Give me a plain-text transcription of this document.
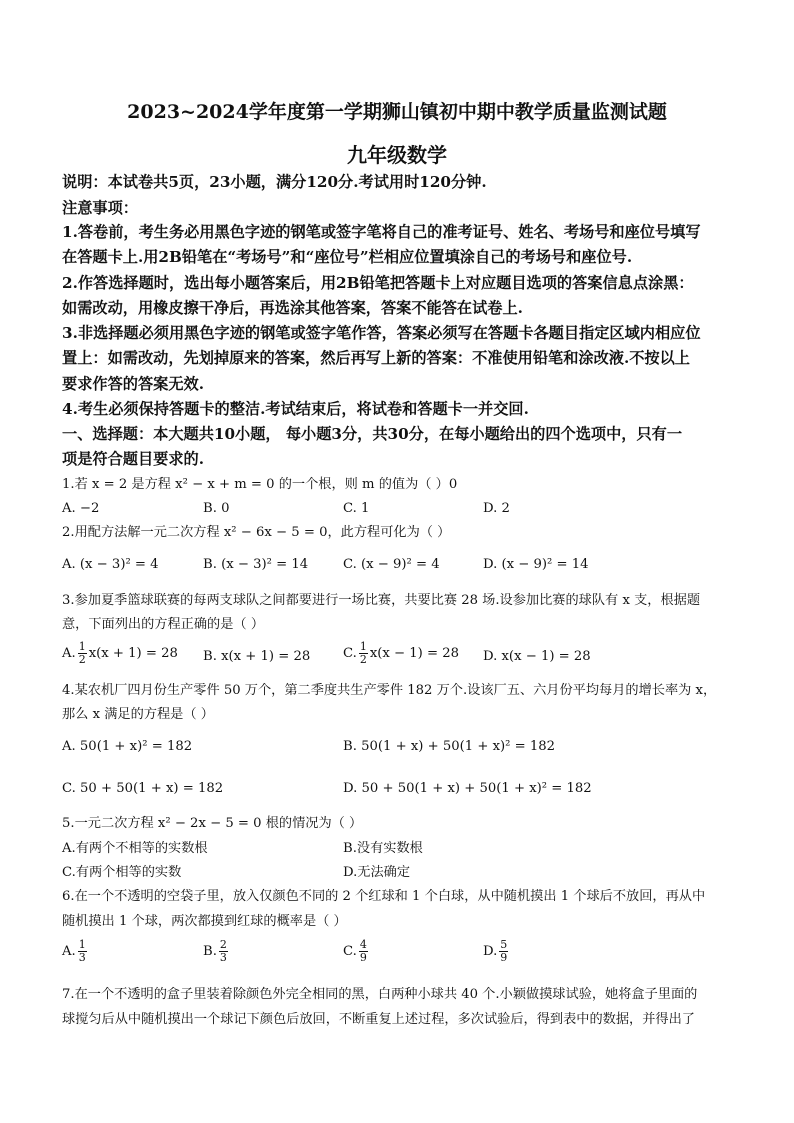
2023~2024学年度第一学期狮山镇初中期中教学质量监测试题
九年级数学
说明：本试卷共5页，23小题，满分120分.考试用时120分钟.
注意事项：
1.答卷前，考生务必用黑色字迹的钢笔或签字笔将自己的准考证号、姓名、考场号和座位号填写
在答题卡上.用2B铅笔在“考场号”和“座位号”栏相应位置填涂自己的考场号和座位号.
2.作答选择题时，选出每小题答案后，用2B铅笔把答题卡上对应题目选项的答案信息点涂黑：
如需改动，用橡皮擦干净后，再选涂其他答案，答案不能答在试卷上.
3.非选择题必须用黑色字迹的钢笔或签字笔作答，答案必须写在答题卡各题目指定区域内相应位
置上：如需改动，先划掉原来的答案，然后再写上新的答案：不准使用铅笔和涂改液.不按以上
要求作答的答案无效.
4.考生必须保持答题卡的整洁.考试结束后，将试卷和答题卡一并交回.
一、选择题：本大题共10小题， 每小题3分，共30分，在每小题给出的四个选项中，只有一
项是符合题目要求的.
1.若 x = 2 是方程 x² − x + m = 0 的一个根，则 m 的值为（ ）0
A. −2	B. 0	C. 1	D. 2
2.用配方法解一元二次方程 x² − 6x − 5 = 0，此方程可化为（ ）
A. (x − 3)² = 4	B. (x − 3)² = 14	C. (x − 9)² = 4	D. (x − 9)² = 14
3.参加夏季篮球联赛的每两支球队之间都要进行一场比赛，共要比赛 28 场.设参加比赛的球队有 x 支，根据题
意，下面列出的方程正确的是（ ）
A. $\frac{1}{2} x(x + 1) = 28$ B. x(x + 1) = 28 C. $\frac{1}{2} x(x - 1) = 28$ D. x(x − 1) = 28
4.某农机厂四月份生产零件 50 万个，第二季度共生产零件 182 万个.设该厂五、六月份平均每月的增长率为 x，
那么 x 满足的方程是（ ）
A. 50(1 + x)² = 182	B. 50(1 + x) + 50(1 + x)² = 182
C. 50 + 50(1 + x) = 182	D. 50 + 50(1 + x) + 50(1 + x)² = 182
5.一元二次方程 x² − 2x − 5 = 0 根的情况为（ ）
A.有两个不相等的实数根	B.没有实数根
C.有两个相等的实数	D.无法确定
6.在一个不透明的空袋子里，放入仅颜色不同的 2 个红球和 1 个白球，从中随机摸出 1 个球后不放回，再从中
随机摸出 1 个球，两次都摸到红球的概率是（ ）
A. $\frac{1}{3}$	B. $\frac{2}{3}$	C. $\frac{4}{9}$	D. $\frac{5}{9}$
7.在一个不透明的盒子里装着除颜色外完全相同的黑，白两种小球共 40 个.小颖做摸球试验，她将盒子里面的
球搅匀后从中随机摸出一个球记下颜色后放回，不断重复上述过程，多次试验后，得到表中的数据，并得出了
